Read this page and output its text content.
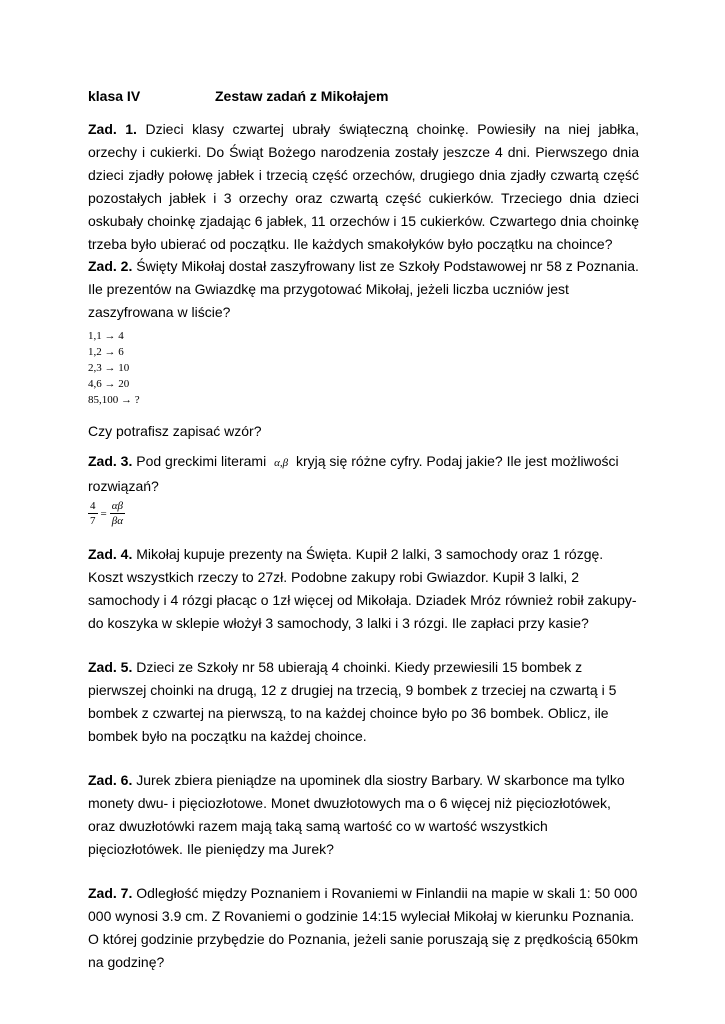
klasa IV	Zestaw zadań z Mikołajem
Zad. 1. Dzieci klasy czwartej ubrały świąteczną choinkę. Powiesiły na niej jabłka, orzechy i cukierki. Do Świąt Bożego narodzenia zostały jeszcze 4 dni. Pierwszego dnia dzieci zjadły połowę jabłek i trzecią część orzechów, drugiego dnia zjadły czwartą część pozostałych jabłek i 3 orzechy oraz czwartą część cukierków. Trzeciego dnia dzieci oskubały choinkę zjadając 6 jabłek, 11 orzechów i 15 cukierków. Czwartego dnia choinkę trzeba było ubierać od początku. Ile każdych smakołyków było początku na choince?
Zad. 2. Święty Mikołaj dostał zaszyfrowany list ze Szkoły Podstawowej nr 58 z Poznania. Ile prezentów na Gwiazdkę ma przygotować Mikołaj, jeżeli liczba uczniów jest zaszyfrowana w liście?
1,1 → 4
1,2 → 6
2,3 → 10
4,6 → 20
85,100 → ?
Czy potrafisz zapisać wzór?
Zad. 3. Pod greckimi literami α,β kryją się różne cyfry. Podaj jakie? Ile jest możliwości rozwiązań?
$\frac{4}{7} = \frac{\alpha\beta}{\beta\alpha}$
Zad. 4. Mikołaj kupuje prezenty na Święta. Kupił 2 lalki, 3 samochody oraz 1 rózgę. Koszt wszystkich rzeczy to 27zł. Podobne zakupy robi Gwiazdor. Kupił 3 lalki, 2 samochody i 4 rózgi płacąc o 1zł więcej od Mikołaja. Dziadek Mróz również robił zakupy- do koszyka w sklepie włożył 3 samochody, 3 lalki i 3 rózgi. Ile zapłaci przy kasie?
Zad. 5. Dzieci ze Szkoły nr 58 ubierają 4 choinki. Kiedy przewiesili 15 bombek z pierwszej choinki na drugą, 12 z drugiej na trzecią, 9 bombek z trzeciej na czwartą i 5 bombek z czwartej na pierwszą, to na każdej choince było po 36 bombek. Oblicz, ile bombek było na początku na każdej choince.
Zad. 6. Jurek zbiera pieniądze na upominek dla siostry Barbary. W skarbonce ma tylko monety dwu- i pięciozłotowe. Monet dwuzłotowych ma o 6 więcej niż pięciozłotówek, oraz dwuzłotówki razem mają taką samą wartość co w wartość wszystkich pięciozłotówek. Ile pieniędzy ma Jurek?
Zad. 7. Odległość między Poznaniem i Rovaniemi w Finlandii na mapie w skali 1: 50 000 000 wynosi 3.9 cm. Z Rovaniemi o godzinie 14:15 wyleciał Mikołaj w kierunku Poznania. O której godzinie przybędzie do Poznania, jeżeli sanie poruszają się z prędkością 650km na godzinę?
